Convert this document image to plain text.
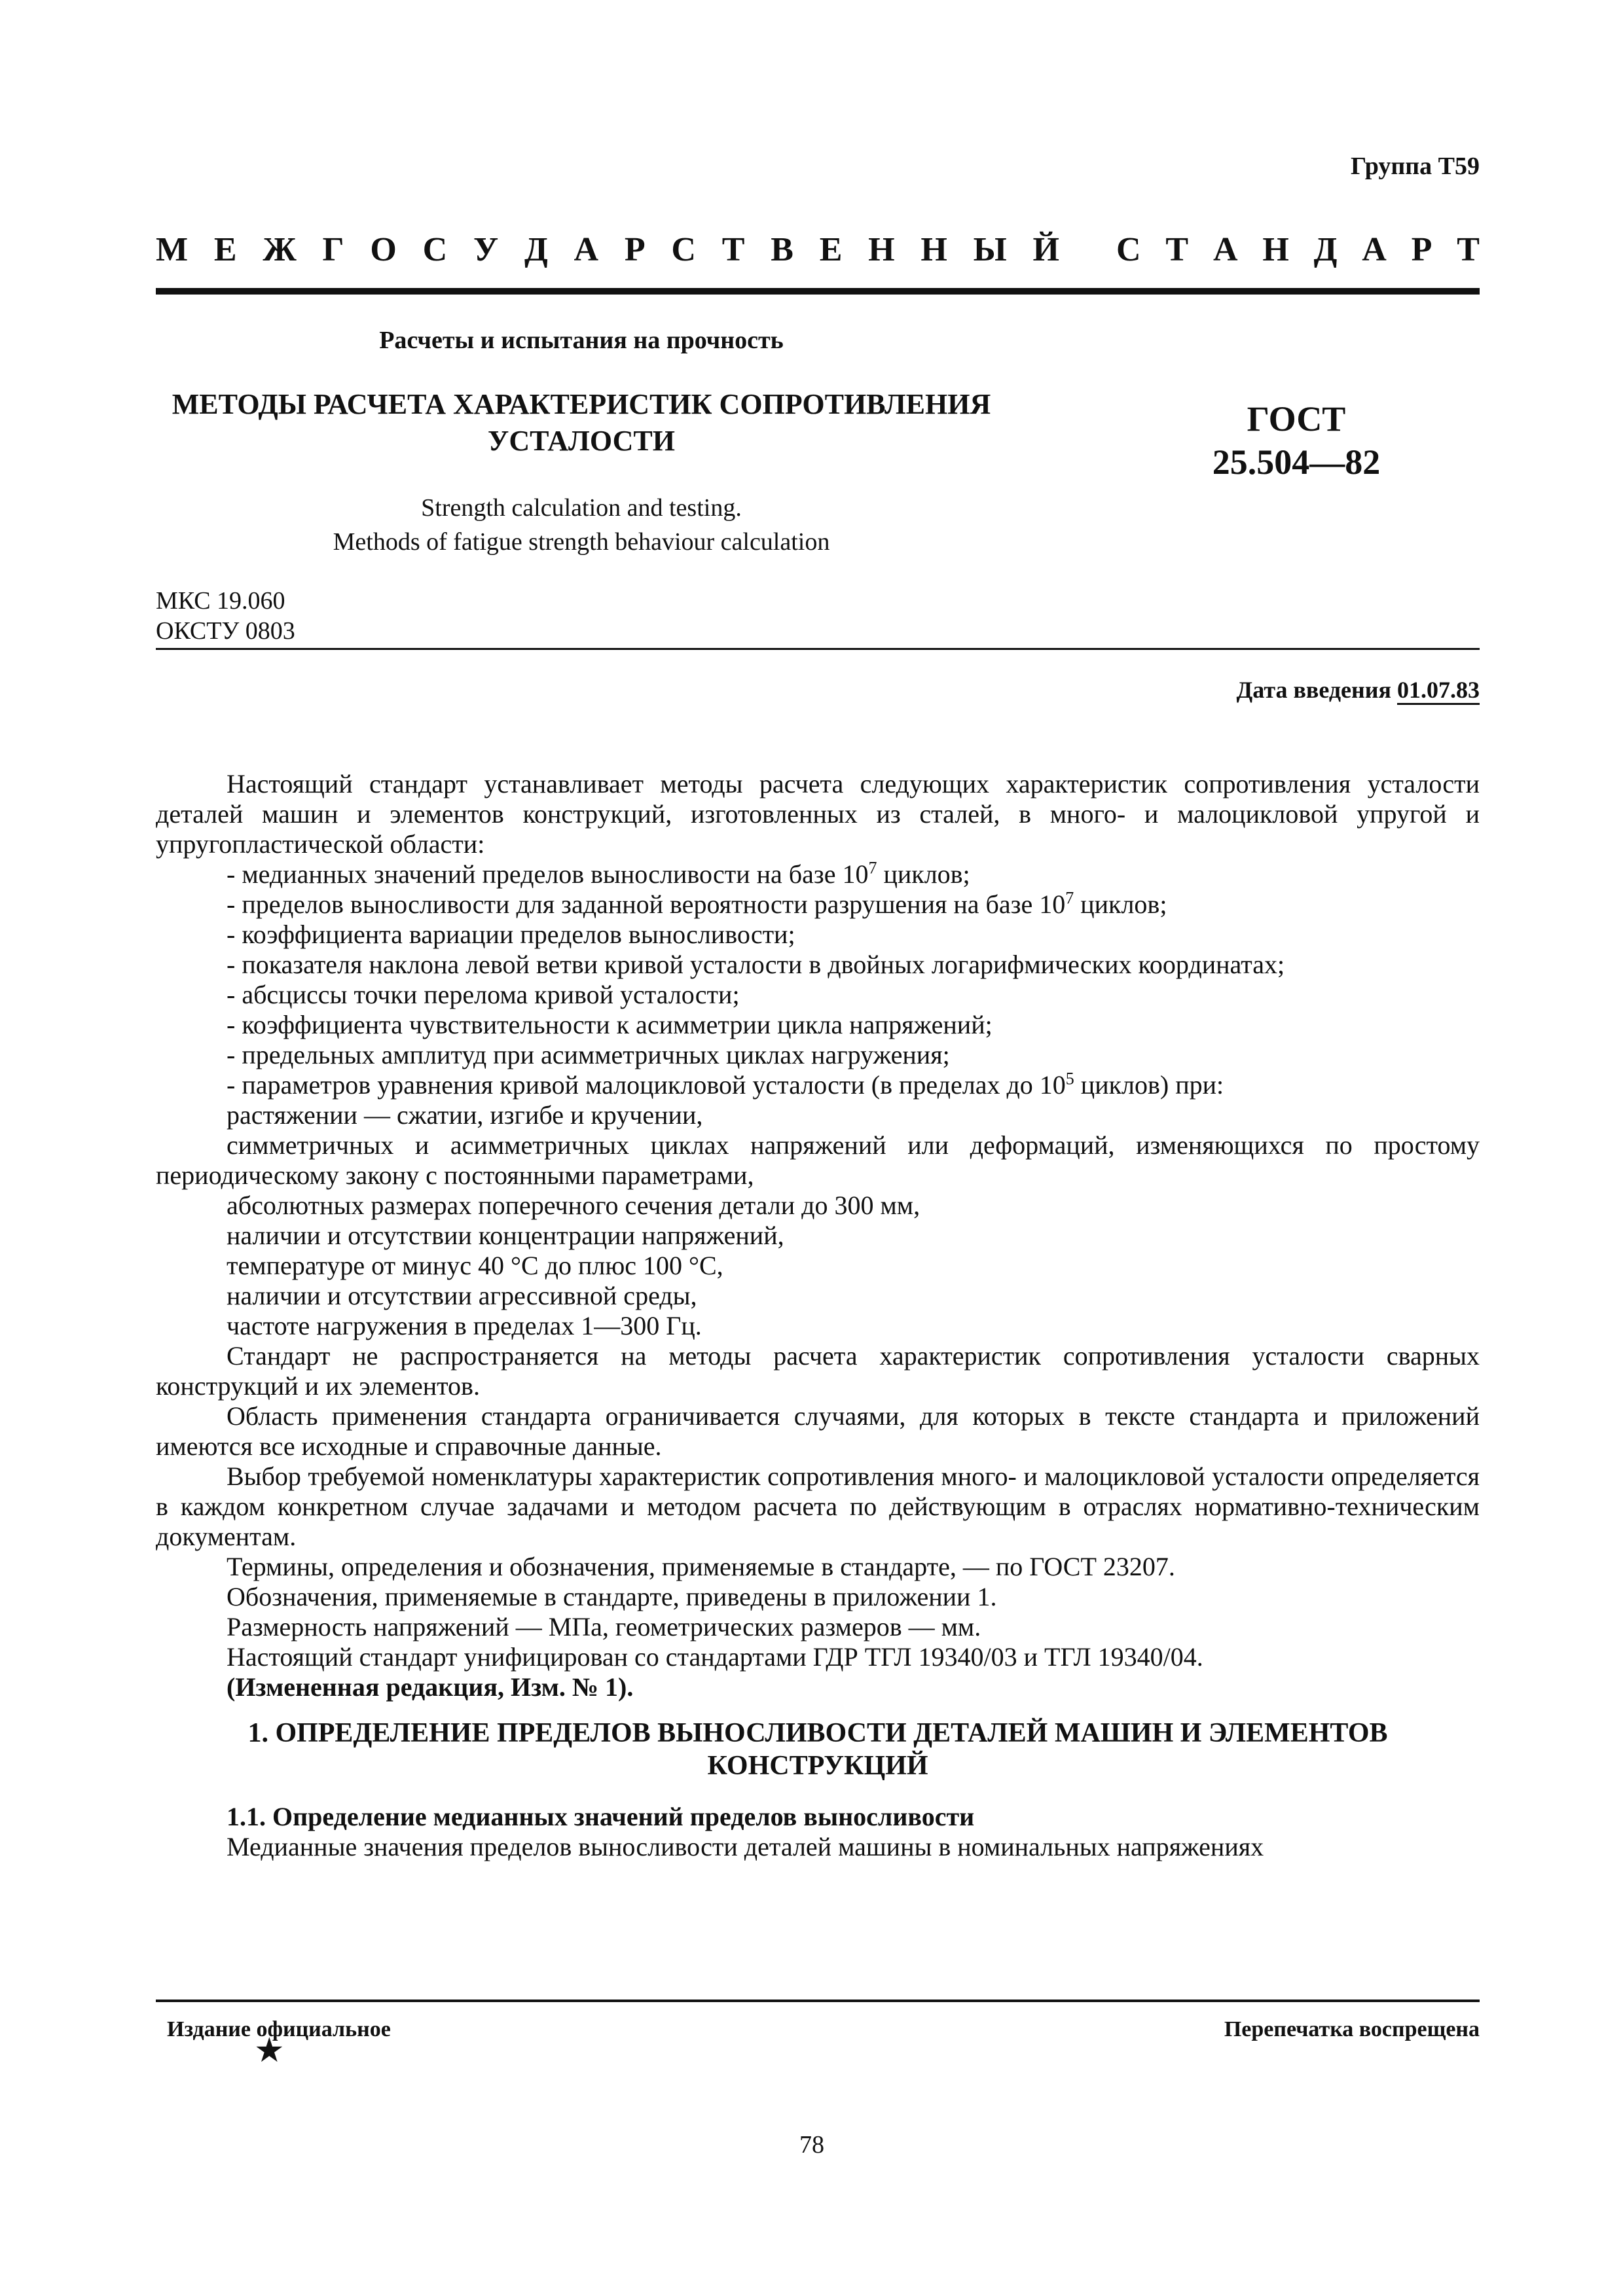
Группа Т59
М Е Ж Г О С У Д А Р С Т В Е Н Н Ы Й С Т А Н Д А Р Т
Расчеты и испытания на прочность
МЕТОДЫ РАСЧЕТА ХАРАКТЕРИСТИК СОПРОТИВЛЕНИЯ
УСТАЛОСТИ
ГОСТ
25.504—82
Strength calculation and testing.
Methods of fatigue strength behaviour calculation
МКС 19.060
ОКСТУ 0803
Дата введения 01.07.83

Настоящий стандарт устанавливает методы расчета следующих характеристик сопротивления усталости деталей машин и элементов конструкций, изготовленных из сталей, в много- и малоцикловой упругой и упругопластической области:

- медианных значений пределов выносливости на базе $10^7$ циклов;

- пределов выносливости для заданной вероятности разрушения на базе $10^7$ циклов;

- коэффициента вариации пределов выносливости;

- показателя наклона левой ветви кривой усталости в двойных логарифмических координатах;

- абсциссы точки перелома кривой усталости;

- коэффициента чувствительности к асимметрии цикла напряжений;

- предельных амплитуд при асимметричных циклах нагружения;

- параметров уравнения кривой малоцикловой усталости (в пределах до $10^5$ циклов) при:

растяжении — сжатии, изгибе и кручении,

симметричных и асимметричных циклах напряжений или деформаций, изменяющихся по простому периодическому закону с постоянными параметрами,

абсолютных размерах поперечного сечения детали до 300 мм,

наличии и отсутствии концентрации напряжений,

температуре от минус 40 °С до плюс 100 °С,

наличии и отсутствии агрессивной среды,

частоте нагружения в пределах 1—300 Гц.

Стандарт не распространяется на методы расчета характеристик сопротивления усталости сварных конструкций и их элементов.

Область применения стандарта ограничивается случаями, для которых в тексте стандарта и приложений имеются все исходные и справочные данные.

Выбор требуемой номенклатуры характеристик сопротивления много- и малоцикловой усталости определяется в каждом конкретном случае задачами и методом расчета по действующим в отраслях нормативно-техническим документам.

Термины, определения и обозначения, применяемые в стандарте, — по ГОСТ 23207.

Обозначения, применяемые в стандарте, приведены в приложении 1.

Размерность напряжений — МПа, геометрических размеров — мм.

Настоящий стандарт унифицирован со стандартами ГДР ТГЛ 19340/03 и ТГЛ 19340/04.

(Измененная редакция, Изм. № 1).

1. ОПРЕДЕЛЕНИЕ ПРЕДЕЛОВ ВЫНОСЛИВОСТИ ДЕТАЛЕЙ МАШИН И ЭЛЕМЕНТОВ КОНСТРУКЦИЙ

1.1. Определение медианных значений пределов выносливости

Медианные значения пределов выносливости деталей машины в номинальных напряжениях

Издание официальное
★
Перепечатка воспрещена
78
